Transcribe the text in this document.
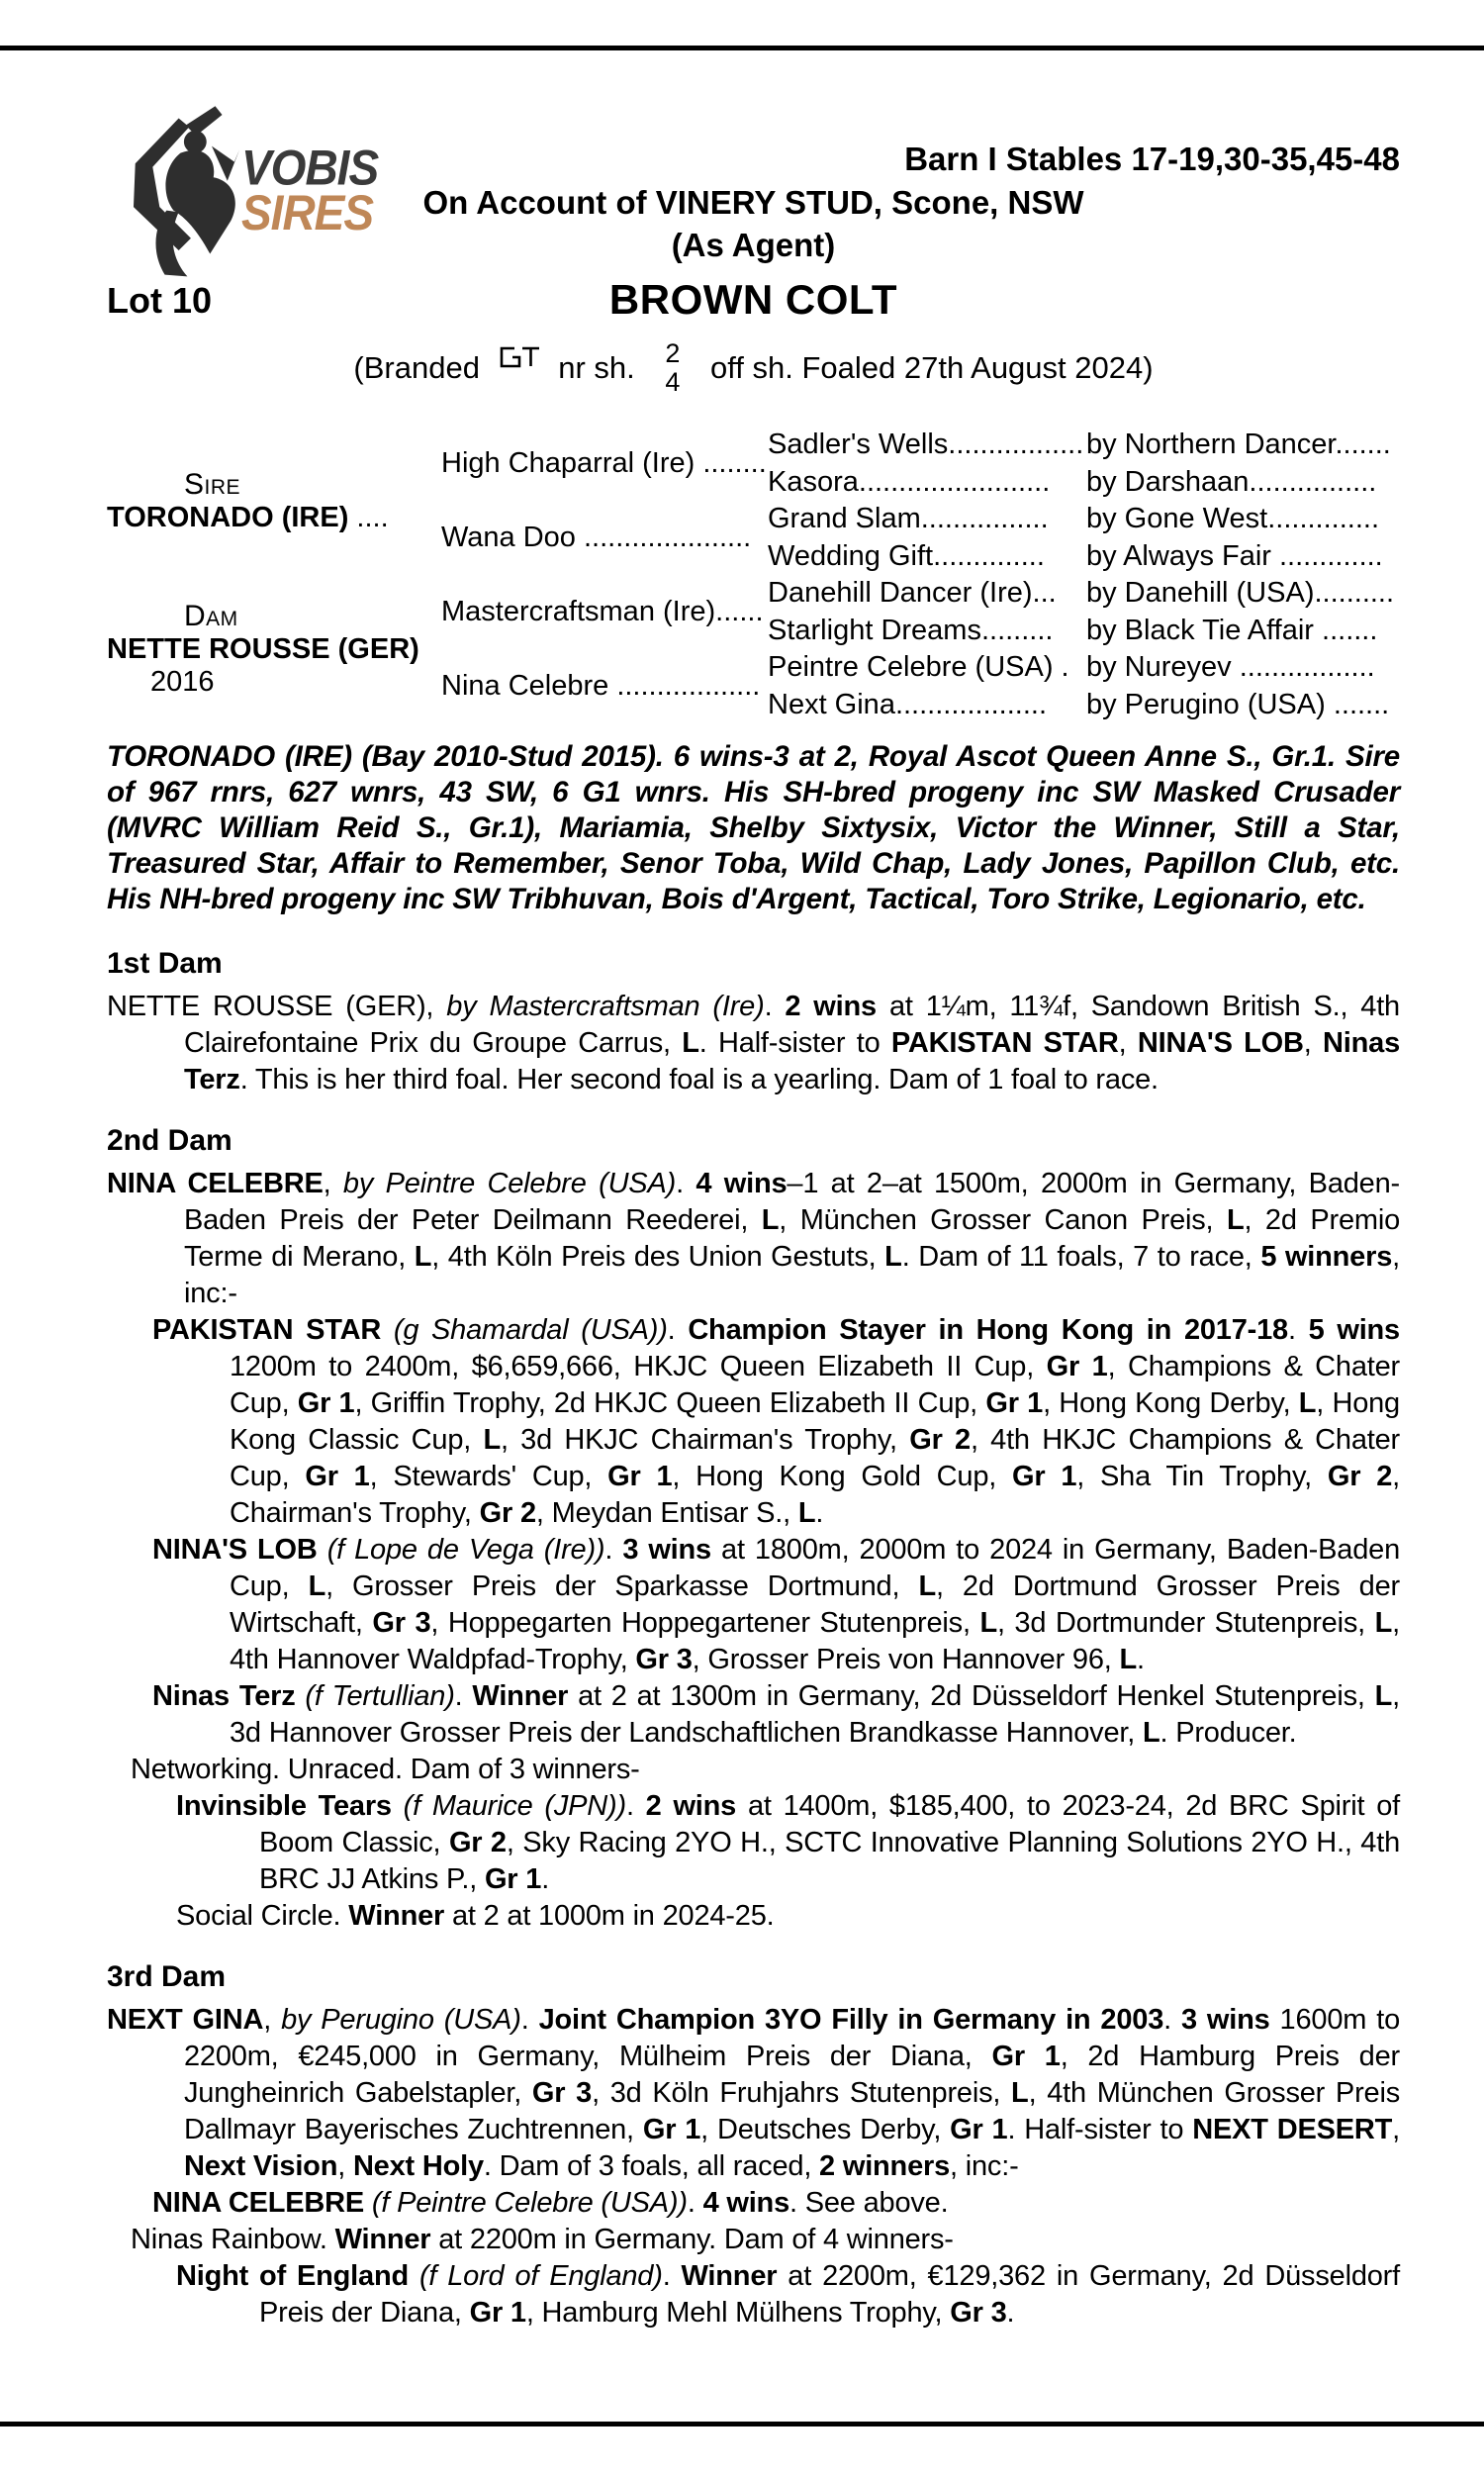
VOBIS
SIRES
Barn I Stables 17-19,30-35,45-48
On Account of VINERY STUD, Scone, NSW
(As Agent)
Lot 10	BROWN COLT
(Branded	nr sh. 2
4 off sh. Foaled 27th August 2024)
Sire
TORONADO (IRE) ....
Dam
NETTE ROUSSE (GER)
2016
High Chaparral (Ire) ........
Wana Doo .....................
Mastercraftsman (Ire)......
Nina Celebre ..................
Sadler's Wells.................
Kasora........................
Grand Slam................
Wedding Gift..............
Danehill Dancer (Ire)...
Starlight Dreams.........
Peintre Celebre (USA) .
Next Gina...................
by Northern Dancer.......
by Darshaan................
by Gone West..............
by Always Fair .............
by Danehill (USA)..........
by Black Tie Affair .......
by Nureyev .................
by Perugino (USA) .......

TORONADO (IRE) (Bay 2010-Stud 2015). 6 wins-3 at 2, Royal Ascot Queen Anne S., Gr.1. Sire of 967 rnrs, 627 wnrs, 43 SW, 6 G1 wnrs. His SH-bred progeny inc SW Masked Crusader (MVRC William Reid S., Gr.1), Mariamia, Shelby Sixtysix, Victor the Winner, Still a Star, Treasured Star, Affair to Remember, Senor Toba, Wild Chap, Lady Jones, Papillon Club, etc. His NH-bred progeny inc SW Tribhuvan, Bois d'Argent, Tactical, Toro Strike, Legionario, etc.

1st Dam

NETTE ROUSSE (GER), by Mastercraftsman (Ire). 2 wins at 1¼m, 11¾f, Sandown British S., 4th Clairefontaine Prix du Groupe Carrus, L. Half-sister to PAKISTAN STAR, NINA'S LOB, Ninas Terz. This is her third foal. Her second foal is a yearling. Dam of 1 foal to race.

2nd Dam

NINA CELEBRE, by Peintre Celebre (USA). 4 wins–1 at 2–at 1500m, 2000m in Germany, Baden-Baden Preis der Peter Deilmann Reederei, L, München Grosser Canon Preis, L, 2d Premio Terme di Merano, L, 4th Köln Preis des Union Gestuts, L. Dam of 11 foals, 7 to race, 5 winners, inc:-

PAKISTAN STAR (g Shamardal (USA)). Champion Stayer in Hong Kong in 2017-18. 5 wins 1200m to 2400m, $6,659,666, HKJC Queen Elizabeth II Cup, Gr 1, Champions & Chater Cup, Gr 1, Griffin Trophy, 2d HKJC Queen Elizabeth II Cup, Gr 1, Hong Kong Derby, L, Hong Kong Classic Cup, L, 3d HKJC Chairman's Trophy, Gr 2, 4th HKJC Champions & Chater Cup, Gr 1, Stewards' Cup, Gr 1, Hong Kong Gold Cup, Gr 1, Sha Tin Trophy, Gr 2, Chairman's Trophy, Gr 2, Meydan Entisar S., L.

NINA'S LOB (f Lope de Vega (Ire)). 3 wins at 1800m, 2000m to 2024 in Germany, Baden-Baden Cup, L, Grosser Preis der Sparkasse Dortmund, L, 2d Dortmund Grosser Preis der Wirtschaft, Gr 3, Hoppegarten Hoppegartener Stutenpreis, L, 3d Dortmunder Stutenpreis, L, 4th Hannover Waldpfad-Trophy, Gr 3, Grosser Preis von Hannover 96, L.

Ninas Terz (f Tertullian). Winner at 2 at 1300m in Germany, 2d Düsseldorf Henkel Stutenpreis, L, 3d Hannover Grosser Preis der Landschaftlichen Brandkasse Hannover, L. Producer.

Networking. Unraced. Dam of 3 winners-

Invinsible Tears (f Maurice (JPN)). 2 wins at 1400m, $185,400, to 2023-24, 2d BRC Spirit of Boom Classic, Gr 2, Sky Racing 2YO H., SCTC Innovative Planning Solutions 2YO H., 4th BRC JJ Atkins P., Gr 1.

Social Circle. Winner at 2 at 1000m in 2024-25.

3rd Dam

NEXT GINA, by Perugino (USA). Joint Champion 3YO Filly in Germany in 2003. 3 wins 1600m to 2200m, €245,000 in Germany, Mülheim Preis der Diana, Gr 1, 2d Hamburg Preis der Jungheinrich Gabelstapler, Gr 3, 3d Köln Fruhjahrs Stutenpreis, L, 4th München Grosser Preis Dallmayr Bayerisches Zuchtrennen, Gr 1, Deutsches Derby, Gr 1. Half-sister to NEXT DESERT, Next Vision, Next Holy. Dam of 3 foals, all raced, 2 winners, inc:-

NINA CELEBRE (f Peintre Celebre (USA)). 4 wins. See above.

Ninas Rainbow. Winner at 2200m in Germany. Dam of 4 winners-

Night of England (f Lord of England). Winner at 2200m, €129,362 in Germany, 2d Düsseldorf Preis der Diana, Gr 1, Hamburg Mehl Mülhens Trophy, Gr 3.
